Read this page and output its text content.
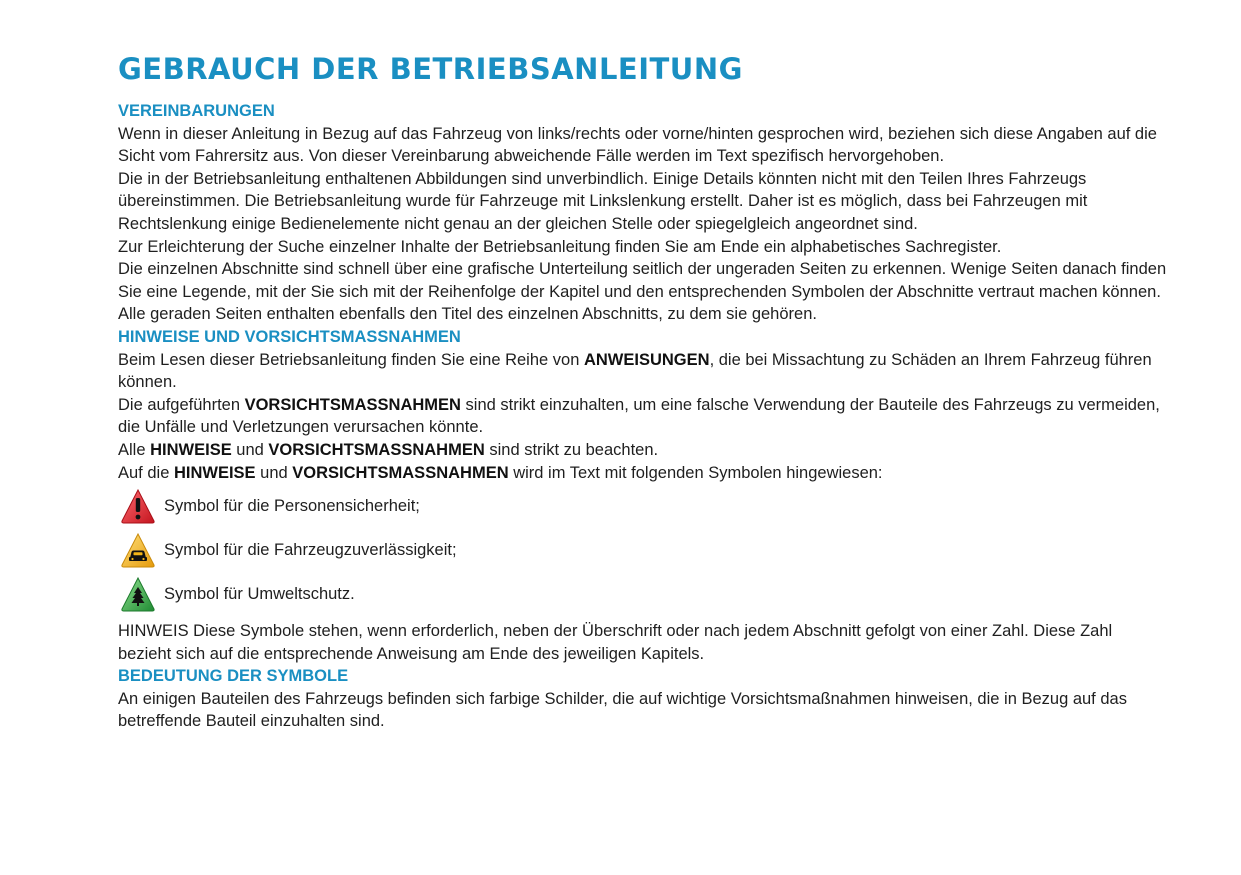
GEBRAUCH DER BETRIEBSANLEITUNG
VEREINBARUNGEN

Wenn in dieser Anleitung in Bezug auf das Fahrzeug von links/rechts oder vorne/hinten gesprochen wird, beziehen sich diese Angaben auf die Sicht vom Fahrersitz aus. Von dieser Vereinbarung abweichende Fälle werden im Text spezifisch hervorgehoben.

Die in der Betriebsanleitung enthaltenen Abbildungen sind unverbindlich. Einige Details könnten nicht mit den Teilen Ihres Fahrzeugs übereinstimmen. Die Betriebsanleitung wurde für Fahrzeuge mit Linkslenkung erstellt. Daher ist es möglich, dass bei Fahrzeugen mit Rechtslenkung einige Bedienelemente nicht genau an der gleichen Stelle oder spiegelgleich angeordnet sind.

Zur Erleichterung der Suche einzelner Inhalte der Betriebsanleitung finden Sie am Ende ein alphabetisches Sachregister.

Die einzelnen Abschnitte sind schnell über eine grafische Unterteilung seitlich der ungeraden Seiten zu erkennen. Wenige Seiten danach finden Sie eine Legende, mit der Sie sich mit der Reihenfolge der Kapitel und den entsprechenden Symbolen der Abschnitte vertraut machen können. Alle geraden Seiten enthalten ebenfalls den Titel des einzelnen Abschnitts, zu dem sie gehören.

HINWEISE UND VORSICHTSMASSNAHMEN

Beim Lesen dieser Betriebsanleitung finden Sie eine Reihe von ANWEISUNGEN, die bei Missachtung zu Schäden an Ihrem Fahrzeug führen können.

Die aufgeführten VORSICHTSMASSNAHMEN sind strikt einzuhalten, um eine falsche Verwendung der Bauteile des Fahrzeugs zu vermeiden, die Unfälle und Verletzungen verursachen könnte.

Alle HINWEISE und VORSICHTSMASSNAHMEN sind strikt zu beachten.

Auf die HINWEISE und VORSICHTSMASSNAHMEN wird im Text mit folgenden Symbolen hingewiesen:

Symbol für die Personensicherheit;
Symbol für die Fahrzeugzuverlässigkeit;
Symbol für Umweltschutz.

HINWEIS Diese Symbole stehen, wenn erforderlich, neben der Überschrift oder nach jedem Abschnitt gefolgt von einer Zahl. Diese Zahl bezieht sich auf die entsprechende Anweisung am Ende des jeweiligen Kapitels.

BEDEUTUNG DER SYMBOLE

An einigen Bauteilen des Fahrzeugs befinden sich farbige Schilder, die auf wichtige Vorsichtsmaßnahmen hinweisen, die in Bezug auf das betreffende Bauteil einzuhalten sind.
